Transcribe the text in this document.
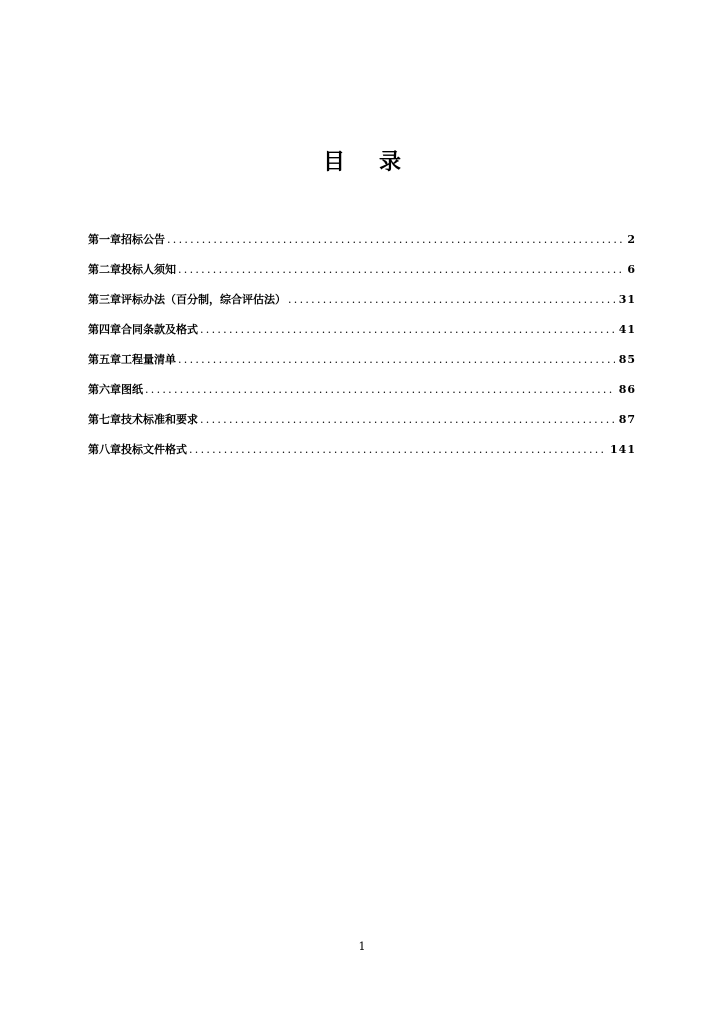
目录
第一章招标公告 .....	2
第二章投标人须知 .....	6
第三章评标办法（百分制，综合评估法） .....	31
第四章合同条款及格式 .....	41
第五章工程量清单 .....	85
第六章图纸 .....	86
第七章技术标准和要求 .....	87
第八章投标文件格式 .....	141
1
